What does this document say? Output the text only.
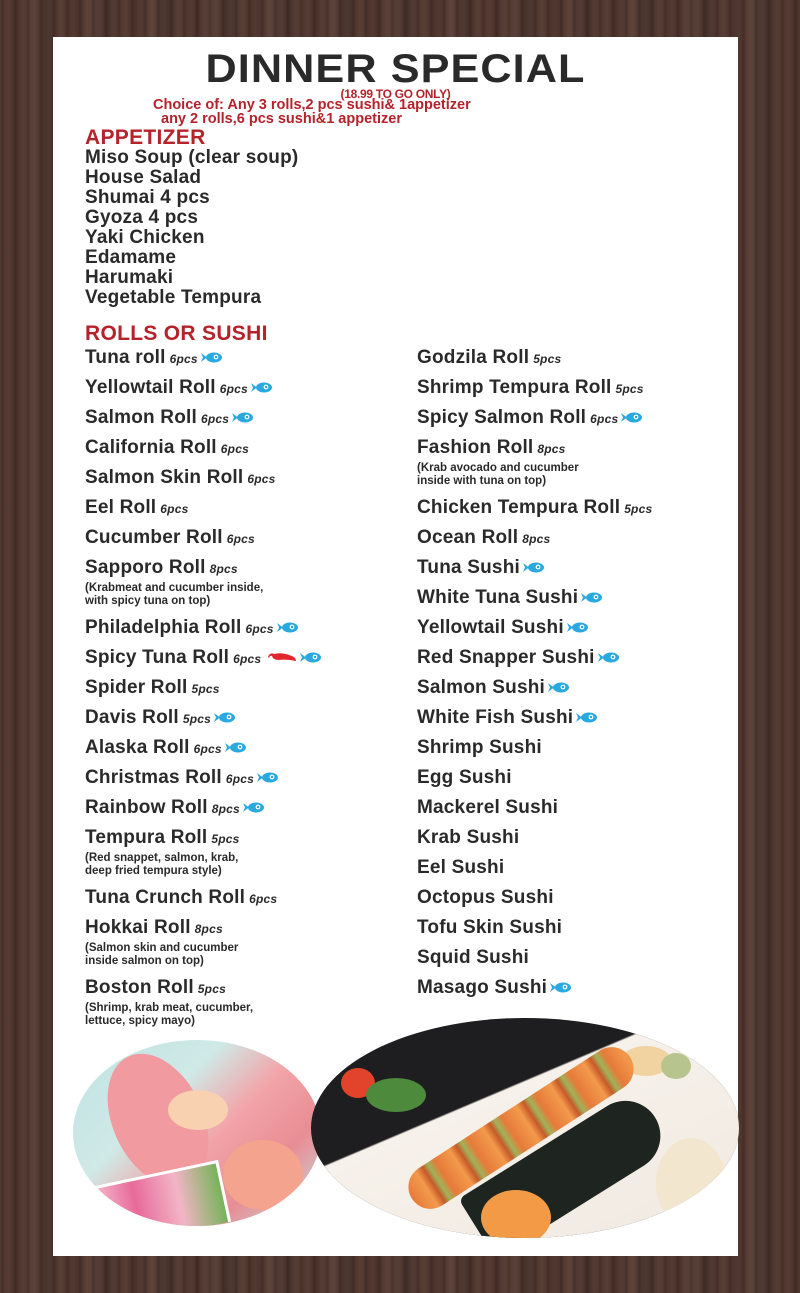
DINNER SPECIAL
(18.99 TO GO ONLY)
Choice of: Any 3 rolls,2 pcs sushi& 1appetizer
any 2 rolls,6 pcs sushi&1 appetizer
APPETIZER
Miso Soup (clear soup)
House Salad
Shumai 4 pcs
Gyoza 4 pcs
Yaki Chicken
Edamame
Harumaki
Vegetable Tempura
ROLLS OR SUSHI
Tuna roll 6pcs
Yellowtail Roll 6pcs
Salmon Roll 6pcs
California Roll 6pcs
Salmon Skin Roll 6pcs
Eel Roll 6pcs
Cucumber Roll 6pcs
Sapporo Roll 8pcs
(Krabmeat and cucumber inside,
with spicy tuna on top)
Philadelphia Roll 6pcs
Spicy Tuna Roll 6pcs
Spider Roll 5pcs
Davis Roll 5pcs
Alaska Roll 6pcs
Christmas Roll 6pcs
Rainbow Roll 8pcs
Tempura Roll 5pcs
(Red snappet, salmon, krab,
deep fried tempura style)
Tuna Crunch Roll 6pcs
Hokkai Roll 8pcs
(Salmon skin and cucumber
inside salmon on top)
Boston Roll 5pcs
(Shrimp, krab meat, cucumber,
lettuce, spicy mayo)
Godzila Roll 5pcs
Shrimp Tempura Roll 5pcs
Spicy Salmon Roll 6pcs
Fashion Roll 8pcs
(Krab avocado and cucumber
inside with tuna on top)
Chicken Tempura Roll 5pcs
Ocean Roll 8pcs
Tuna Sushi
White Tuna Sushi
Yellowtail Sushi
Red Snapper Sushi
Salmon Sushi
White Fish Sushi
Shrimp Sushi
Egg Sushi
Mackerel Sushi
Krab Sushi
Eel Sushi
Octopus Sushi
Tofu Skin Sushi
Squid Sushi
Masago Sushi
